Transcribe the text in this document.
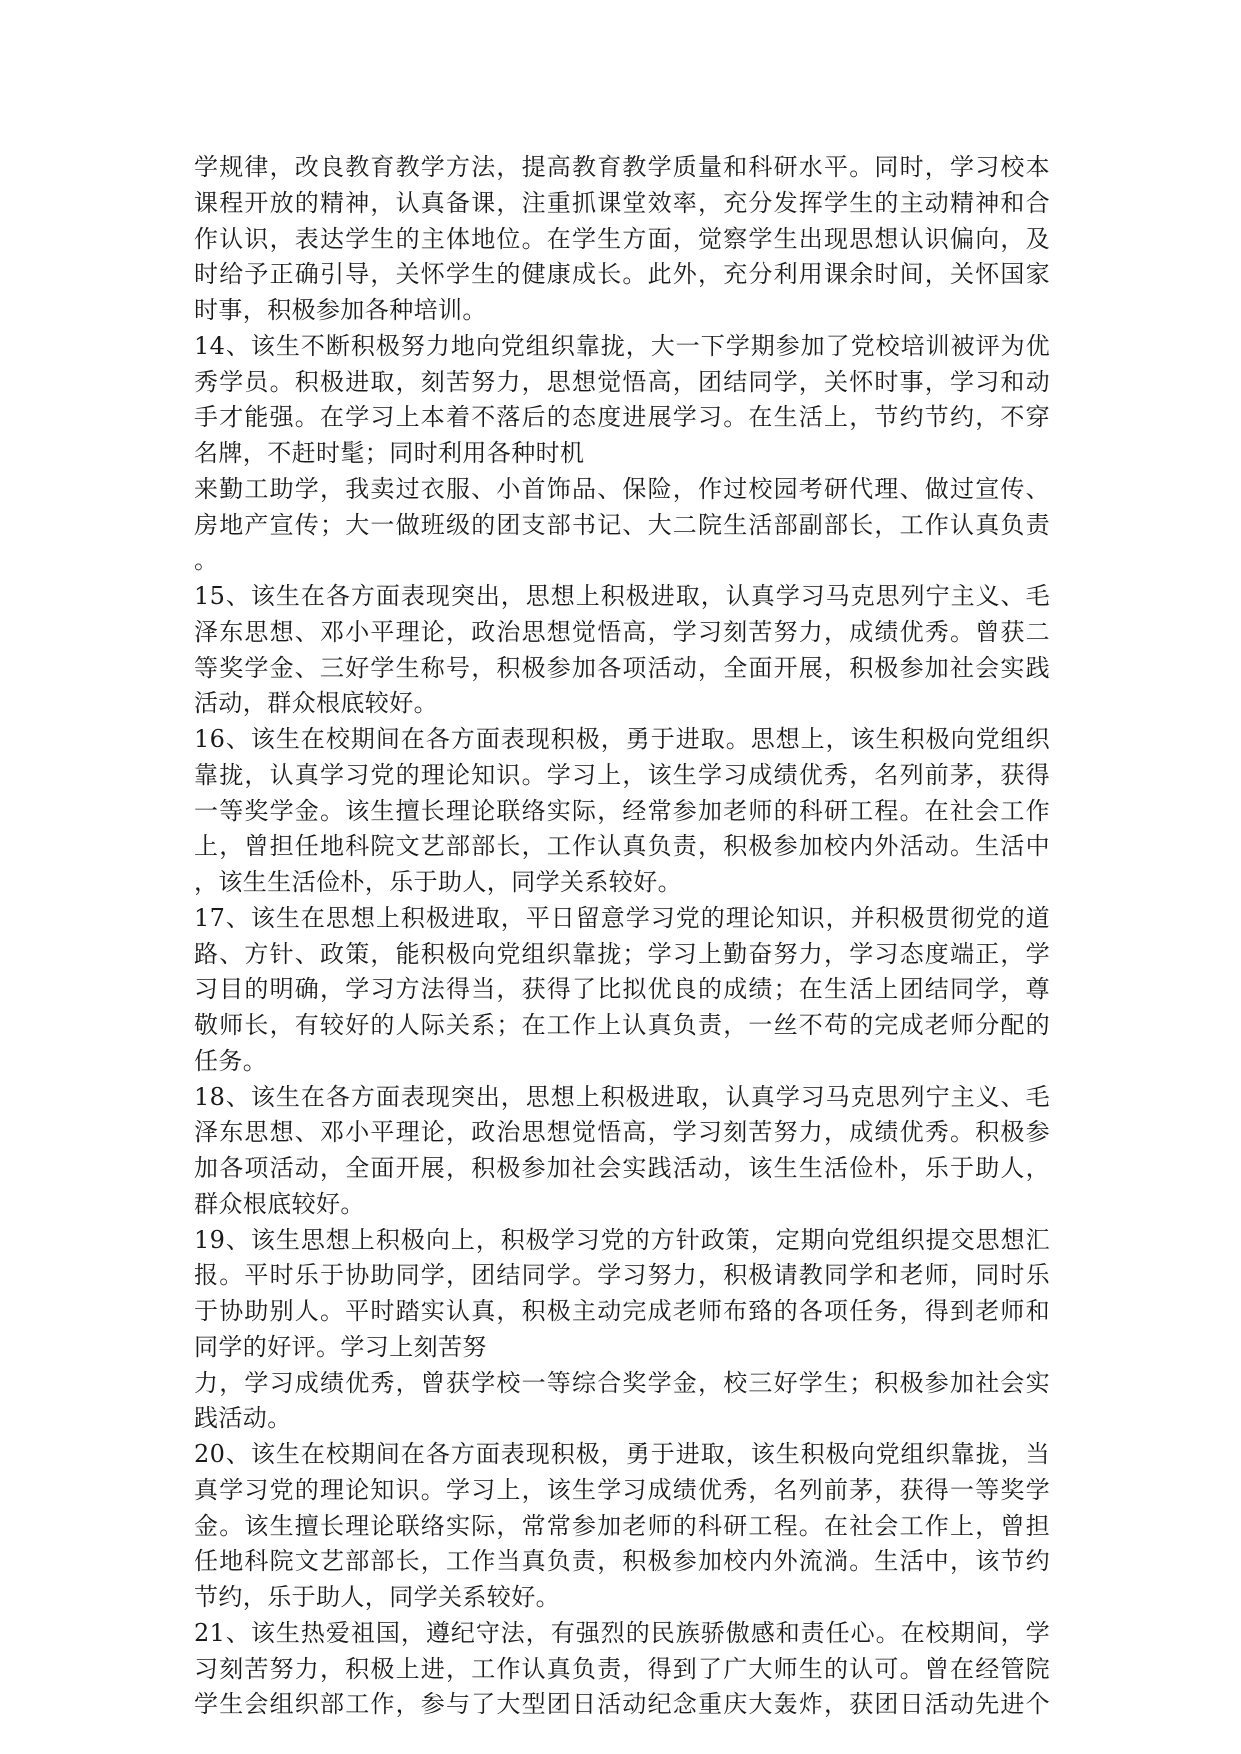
学规律，改良教育教学方法，提高教育教学质量和科研水平。同时，学习校本
课程开放的精神，认真备课，注重抓课堂效率，充分发挥学生的主动精神和合
作认识，表达学生的主体地位。在学生方面，觉察学生出现思想认识偏向，及
时给予正确引导，关怀学生的健康成长。此外，充分利用课余时间，关怀国家
时事，积极参加各种培训。
14、该生不断积极努力地向党组织靠拢，大一下学期参加了党校培训被评为优
秀学员。积极进取，刻苦努力，思想觉悟高，团结同学，关怀时事，学习和动
手才能强。在学习上本着不落后的态度进展学习。在生活上，节约节约，不穿
名牌，不赶时髦；同时利用各种时机
来勤工助学，我卖过衣服、小首饰品、保险，作过校园考研代理、做过宣传、
房地产宣传；大一做班级的团支部书记、大二院生活部副部长，工作认真负责
。
15、该生在各方面表现突出，思想上积极进取，认真学习马克思列宁主义、毛
泽东思想、邓小平理论，政治思想觉悟高，学习刻苦努力，成绩优秀。曾获二
等奖学金、三好学生称号，积极参加各项活动，全面开展，积极参加社会实践
活动，群众根底较好。
16、该生在校期间在各方面表现积极，勇于进取。思想上，该生积极向党组织
靠拢，认真学习党的理论知识。学习上，该生学习成绩优秀，名列前茅，获得
一等奖学金。该生擅长理论联络实际，经常参加老师的科研工程。在社会工作
上，曾担任地科院文艺部部长，工作认真负责，积极参加校内外活动。生活中
，该生生活俭朴，乐于助人，同学关系较好。
17、该生在思想上积极进取，平日留意学习党的理论知识，并积极贯彻党的道
路、方针、政策，能积极向党组织靠拢；学习上勤奋努力，学习态度端正，学
习目的明确，学习方法得当，获得了比拟优良的成绩；在生活上团结同学，尊
敬师长，有较好的人际关系；在工作上认真负责，一丝不苟的完成老师分配的
任务。
18、该生在各方面表现突出，思想上积极进取，认真学习马克思列宁主义、毛
泽东思想、邓小平理论，政治思想觉悟高，学习刻苦努力，成绩优秀。积极参
加各项活动，全面开展，积极参加社会实践活动，该生生活俭朴，乐于助人，
群众根底较好。
19、该生思想上积极向上，积极学习党的方针政策，定期向党组织提交思想汇
报。平时乐于协助同学，团结同学。学习努力，积极请教同学和老师，同时乐
于协助别人。平时踏实认真，积极主动完成老师布臵的各项任务，得到老师和
同学的好评。学习上刻苦努
力，学习成绩优秀，曾获学校一等综合奖学金，校三好学生；积极参加社会实
践活动。
20、该生在校期间在各方面表现积极，勇于进取，该生积极向党组织靠拢，当
真学习党的理论知识。学习上，该生学习成绩优秀，名列前茅，获得一等奖学
金。该生擅长理论联络实际，常常参加老师的科研工程。在社会工作上，曾担
任地科院文艺部部长，工作当真负责，积极参加校内外流淌。生活中，该节约
节约，乐于助人，同学关系较好。
21、该生热爱祖国，遵纪守法，有强烈的民族骄傲感和责任心。在校期间，学
习刻苦努力，积极上进，工作认真负责，得到了广大师生的认可。曾在经管院
学生会组织部工作，参与了大型团日活动纪念重庆大轰炸，获团日活动先进个
